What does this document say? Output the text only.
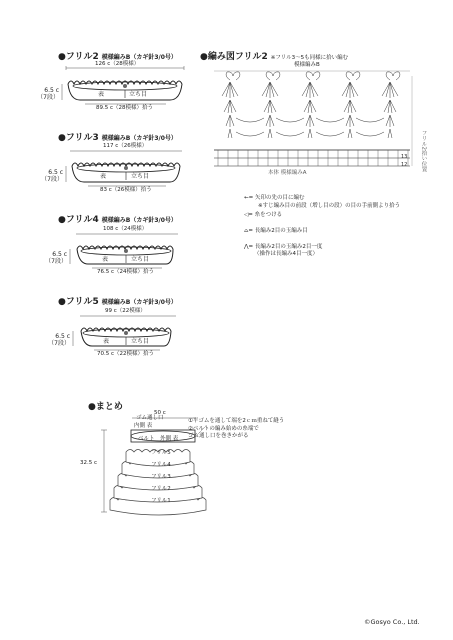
●フリル2 模様編みB（カギ針3/0号）
126 c（28模様）
表	立ち目
6.5 c
（7段）
89.5 c（28模様）拾う
●フリル3 模様編みB（カギ針3/0号）
117 c（26模様）
表	立ち目
6.5 c
（7段）
83 c（26模様）拾う
●フリル4 模様編みB（カギ針3/0号）
108 c（24模様）
表	立ち目
6.5 c
（7段）
76.5 c（24模様）拾う
●フリル5 模様編みB（カギ針3/0号）
99 c（22模様）
表	立ち目
6.5 c
（7段）
70.5 c（22模様）拾う
●編み図フリル2 ※フリル3〜5も同様に拾い編む
模様編みB
13
12
本体 模様編みA
フリル2拾い位置
←= 矢印の先の目に編む
※すじ編み目の前段（増し目の段）の目の手前側より拾う
◁= 糸をつける
⌓= 長編み2目の玉編み目
⋀= 長編み2目の玉編み2目一度
（操作は長編み4目一度）
●まとめ
50 c
ゴム通し口
内側 表
ベルト　 外側 表
①平ゴムを通して端を2ｃｍ重ねて縫う
②ベルトの編み始めの糸端で
ゴム通し口を巻きかがる
32.5 c
フリル5
フリル4
フリル3
フリル2
フリル1
©Gosyo Co., Ltd.
